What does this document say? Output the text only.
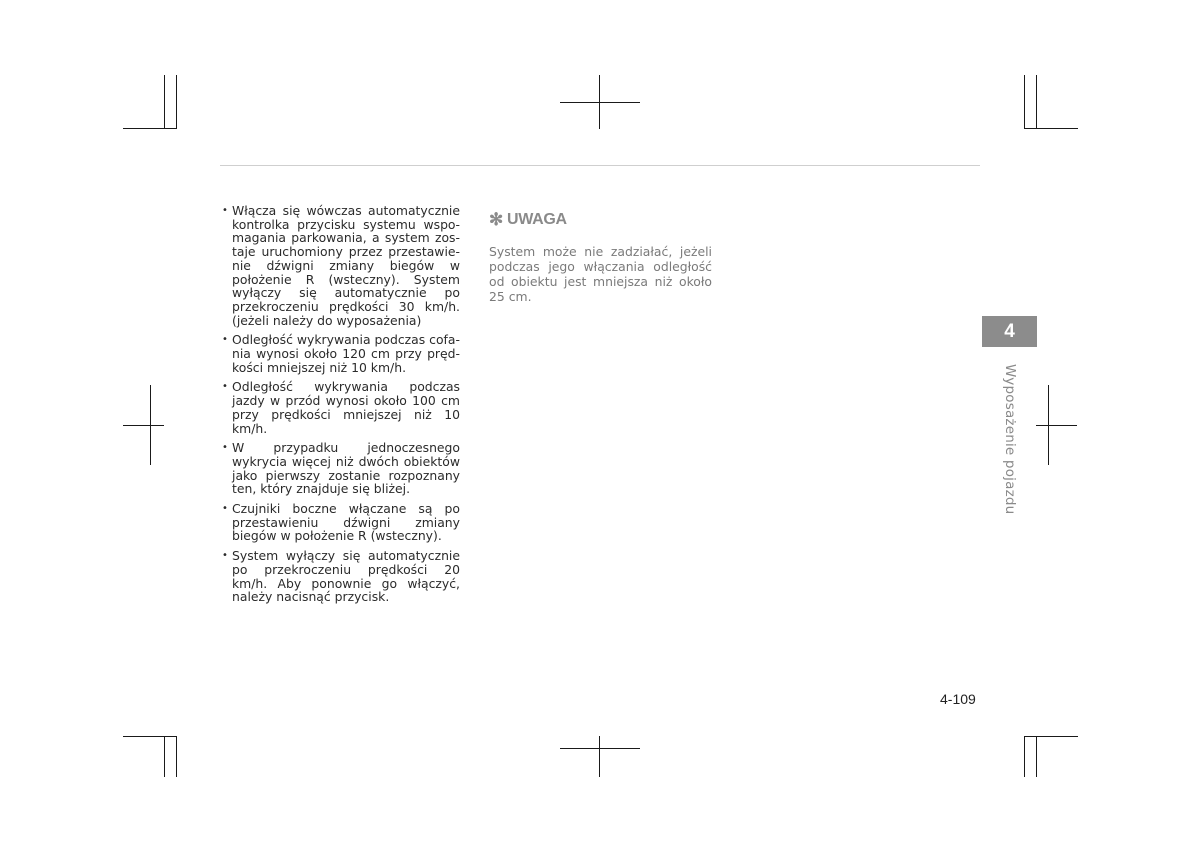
• Włącza się wówczas automatycznie kontrolka przycisku systemu wspomagania parkowania, a system zostaje uruchomiony przez przestawienie dźwigni zmiany biegów w położenie R (wsteczny). System wyłączy się automatycznie po przekroczeniu prędkości 30 km/h. (jeżeli należy do wyposażenia)
• Odległość wykrywania podczas cofania wynosi około 120 cm przy prędkości mniejszej niż 10 km/h.
• Odległość wykrywania podczas jazdy w przód wynosi około 100 cm przy prędkości mniejszej niż 10 km/h.
• W przypadku jednoczesnego wykrycia więcej niż dwóch obiektów jako pierwszy zostanie rozpoznany ten, który znajduje się bliżej.
• Czujniki boczne włączane są po przestawieniu dźwigni zmiany biegów w położenie R (wsteczny).
• System wyłączy się automatycznie po przekroczeniu prędkości 20 km/h. Aby ponownie go włączyć, należy nacisnąć przycisk.
✻ UWAGA

System może nie zadziałać, jeżeli podczas jego włączania odległość od obiektu jest mniejsza niż około 25 cm.

4
Wyposażenie pojazdu
4-109
